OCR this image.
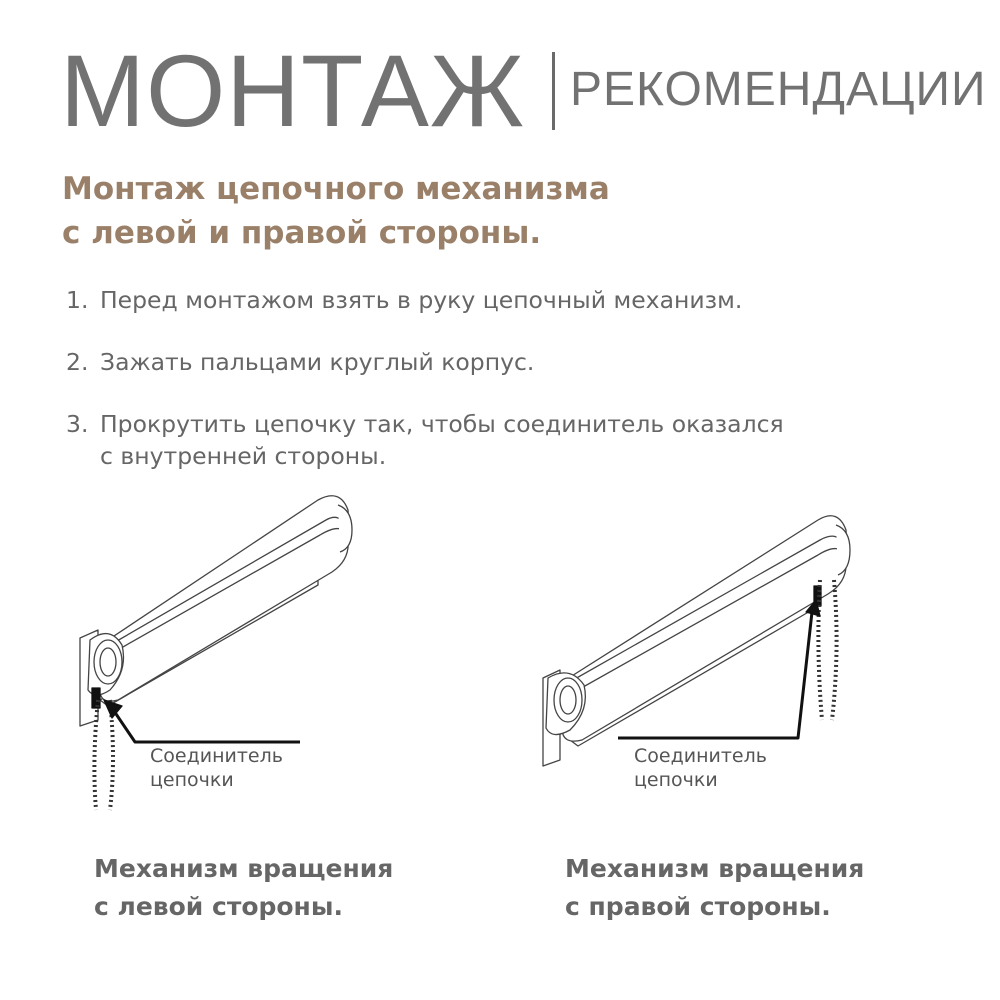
МОНТАЖ РЕКОМЕНДАЦИИ
Монтаж цепочного механизма
с левой и правой стороны.
1. Перед монтажом взять в руку цепочный механизм.
2. Зажать пальцами круглый корпус.
3. Прокрутить цепочку так, чтобы соединитель оказался
с внутренней стороны.
Соединитель
цепочки
Соединитель
цепочки
Механизм вращения
с левой стороны.
Механизм вращения
с правой стороны.
